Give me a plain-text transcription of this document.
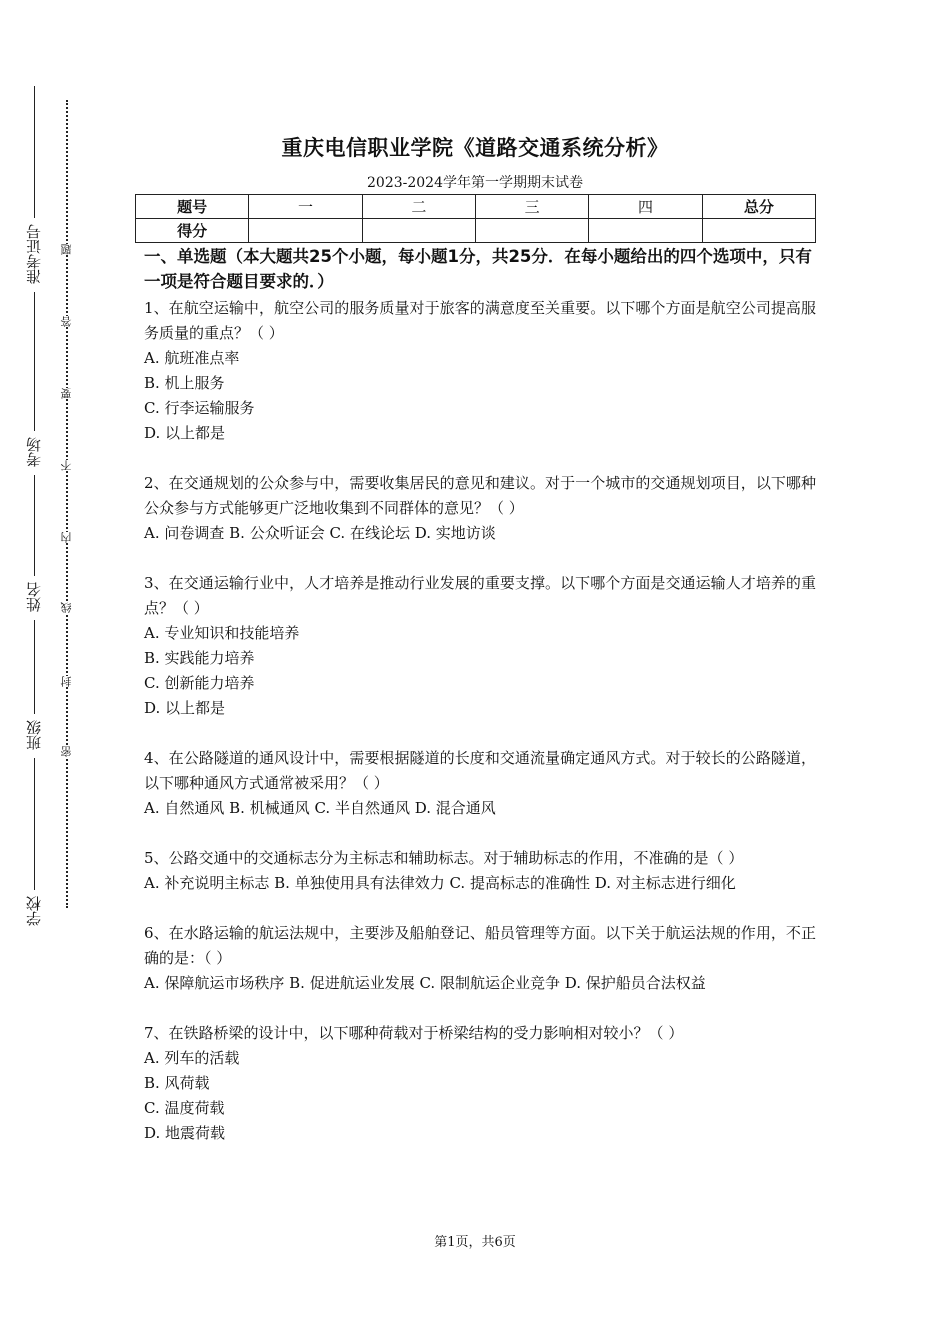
准考证号
考场
姓名
班级
学校
题
答
要
不
内
线
封
密
重庆电信职业学院《道路交通系统分析》
2023-2024学年第一学期期末试卷
题号	一	二	三	四	总分
得分					
一、单选题（本大题共25个小题，每小题1分，共25分．在每小题给出的四个选项中，只有一项是符合题目要求的．）
1、在航空运输中，航空公司的服务质量对于旅客的满意度至关重要。以下哪个方面是航空公司提高服务质量的重点？（ ）
A. 航班准点率
B. 机上服务
C. 行李运输服务
D. 以上都是
2、在交通规划的公众参与中，需要收集居民的意见和建议。对于一个城市的交通规划项目，以下哪种公众参与方式能够更广泛地收集到不同群体的意见？（ ）
A. 问卷调查 B. 公众听证会 C. 在线论坛 D. 实地访谈
3、在交通运输行业中，人才培养是推动行业发展的重要支撑。以下哪个方面是交通运输人才培养的重点？（ ）
A. 专业知识和技能培养
B. 实践能力培养
C. 创新能力培养
D. 以上都是
4、在公路隧道的通风设计中，需要根据隧道的长度和交通流量确定通风方式。对于较长的公路隧道，以下哪种通风方式通常被采用？（ ）
A. 自然通风 B. 机械通风 C. 半自然通风 D. 混合通风
5、公路交通中的交通标志分为主标志和辅助标志。对于辅助标志的作用，不准确的是（ ）
A. 补充说明主标志 B. 单独使用具有法律效力 C. 提高标志的准确性 D. 对主标志进行细化
6、在水路运输的航运法规中，主要涉及船舶登记、船员管理等方面。以下关于航运法规的作用，不正确的是：（ ）
A. 保障航运市场秩序 B. 促进航运业发展 C. 限制航运企业竞争 D. 保护船员合法权益
7、在铁路桥梁的设计中，以下哪种荷载对于桥梁结构的受力影响相对较小？（ ）
A. 列车的活载
B. 风荷载
C. 温度荷载
D. 地震荷载
第1页，共6页
